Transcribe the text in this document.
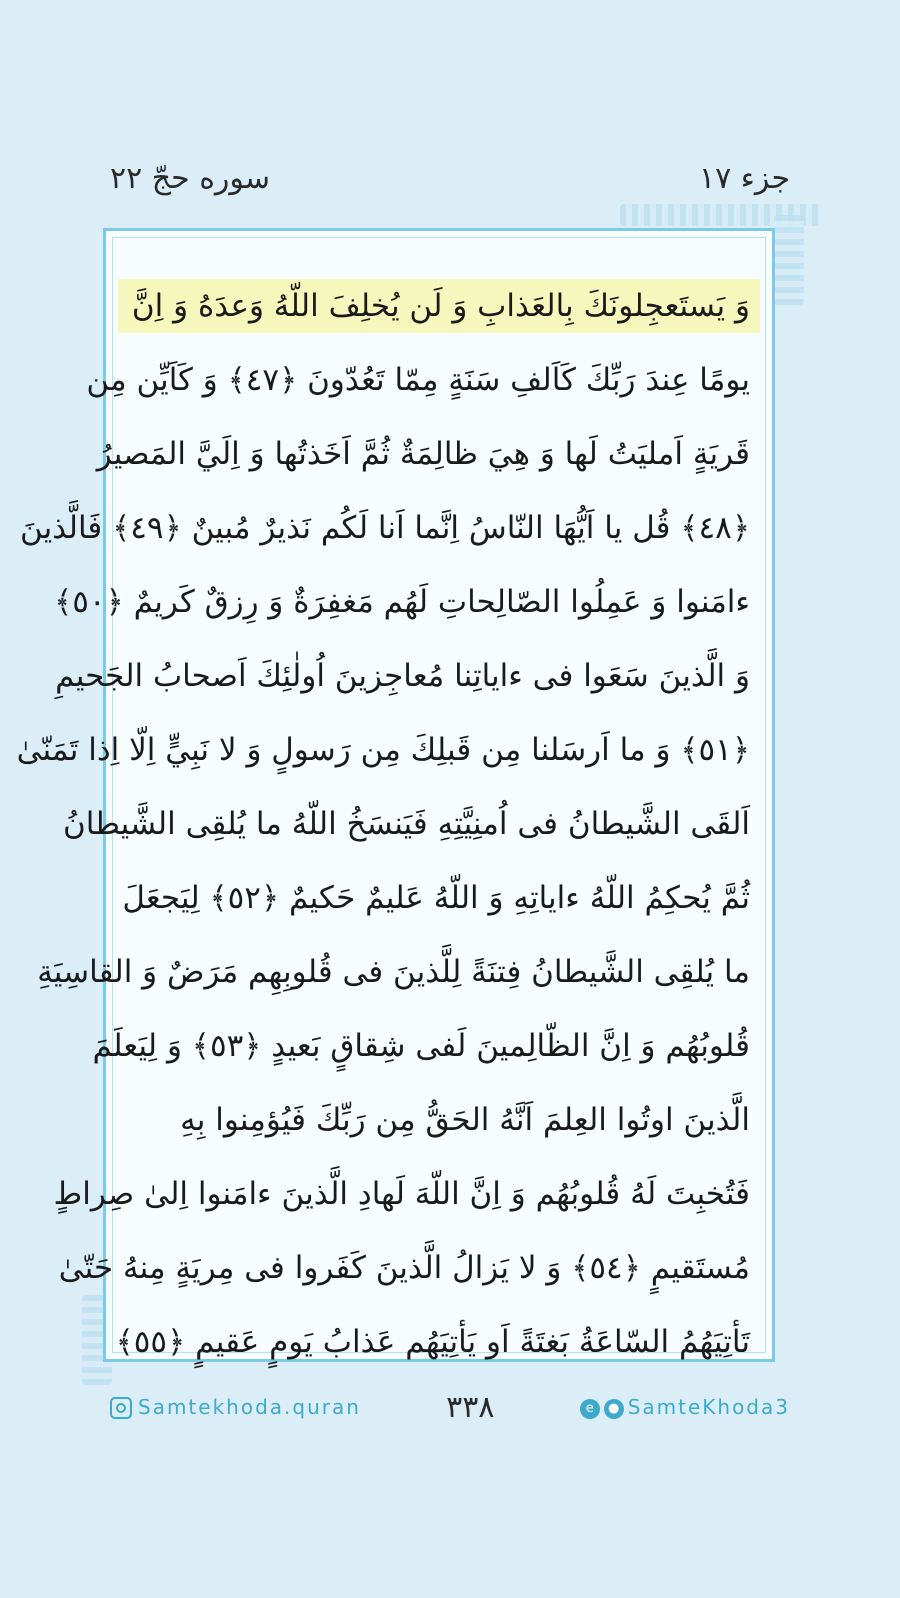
جزء ١٧
سوره حجّ ٢٢
وَ يَستَعجِلونَكَ بِالعَذابِ وَ لَن يُخلِفَ اللّهُ وَعدَهُ وَ اِنَّ
يومًا عِندَ رَبِّكَ كَاَلفِ سَنَةٍ مِمّا تَعُدّونَ ﴿٤٧﴾ وَ كَاَيِّن مِن
قَريَةٍ اَمليَتُ لَها وَ هِيَ ظالِمَةٌ ثُمَّ اَخَذتُها وَ اِلَيَّ المَصيرُ
﴿٤٨﴾ قُل يا اَيُّهَا النّاسُ اِنَّما اَنا لَكُم نَذيرٌ مُبينٌ ﴿٤٩﴾ فَالَّذينَ
ءامَنوا وَ عَمِلُوا الصّالِحاتِ لَهُم مَغفِرَةٌ وَ رِزقٌ كَريمٌ ﴿٥٠﴾
وَ الَّذينَ سَعَوا فى ءاياتِنا مُعاجِزينَ اُولٰئِكَ اَصحابُ الجَحيمِ
﴿٥١﴾ وَ ما اَرسَلنا مِن قَبلِكَ مِن رَسولٍ وَ لا نَبِيٍّ اِلّا اِذا تَمَنّىٰ
اَلقَى الشَّيطانُ فى اُمنِيَّتِهِ فَيَنسَخُ اللّهُ ما يُلقِى الشَّيطانُ
ثُمَّ يُحكِمُ اللّهُ ءاياتِهِ وَ اللّهُ عَليمٌ حَكيمٌ ﴿٥٢﴾ لِيَجعَلَ
ما يُلقِى الشَّيطانُ فِتنَةً لِلَّذينَ فى قُلوبِهِم مَرَضٌ وَ القاسِيَةِ
قُلوبُهُم وَ اِنَّ الظّالِمينَ لَفى شِقاقٍ بَعيدٍ ﴿٥٣﴾ وَ لِيَعلَمَ
الَّذينَ اوتُوا العِلمَ اَنَّهُ الحَقُّ مِن رَبِّكَ فَيُؤمِنوا بِهِ
فَتُخبِتَ لَهُ قُلوبُهُم وَ اِنَّ اللّهَ لَهادِ الَّذينَ ءامَنوا اِلىٰ صِراطٍ
مُستَقيمٍ ﴿٥٤﴾ وَ لا يَزالُ الَّذينَ كَفَروا فى مِريَةٍ مِنهُ حَتّىٰ
تَأتِيَهُمُ السّاعَةُ بَغتَةً اَو يَأتِيَهُم عَذابُ يَومٍ عَقيمٍ ﴿٥٥﴾
Samtekhoda.quran	٣٣٨	e ● SamteKhoda3
